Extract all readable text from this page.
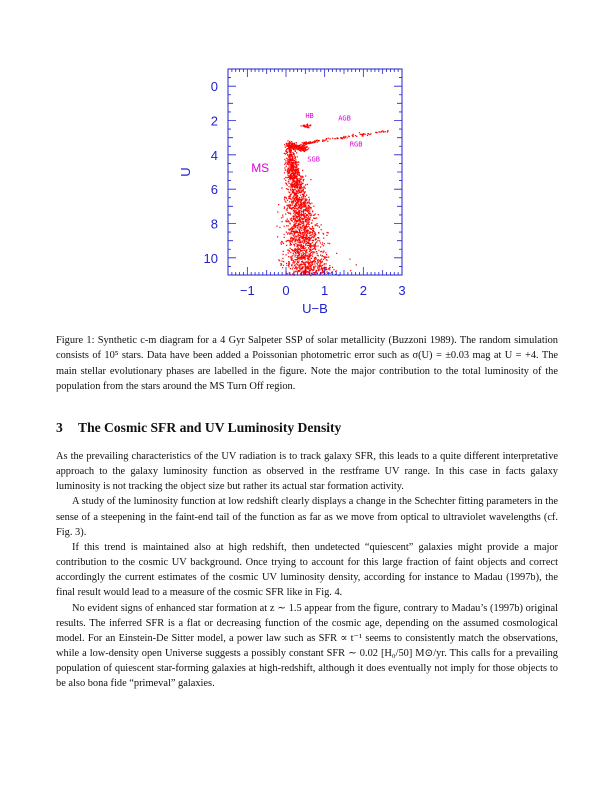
−1 0 1 2 3
0
2
4
6
8
10
U−B
U
HB	AGB
RGB
SGB
MS
Figure 1: Synthetic c-m diagram for a 4 Gyr Salpeter SSP of solar metallicity (Buzzoni 1989). The random simulation consists of 10⁵ stars. Data have been added a Poissonian photometric error such as σ(U) = ±0.03 mag at U = +4. The main stellar evolutionary phases are labelled in the figure. Note the major contribution to the total luminosity of the population from the stars around the MS Turn Off region.
3 The Cosmic SFR and UV Luminosity Density

As the prevailing characteristics of the UV radiation is to track galaxy SFR, this leads to a quite different interpretative approach to the galaxy luminosity function as observed in the restframe UV range. In this case in facts galaxy luminosity is not tracking the object size but rather its actual star formation activity.

A study of the luminosity function at low redshift clearly displays a change in the Schechter fitting parameters in the sense of a steepening in the faint-end tail of the function as far as we move from optical to ultraviolet wavelengths (cf. Fig. 3).

If this trend is maintained also at high redshift, then undetected “quiescent” galaxies might provide a major contribution to the cosmic UV background. Once trying to account for this large fraction of faint objects and correct accordingly the current estimates of the cosmic UV luminosity density, according for instance to Madau (1997b), the final result would lead to a measure of the cosmic SFR like in Fig. 4.

No evident signs of enhanced star formation at z ∼ 1.5 appear from the figure, contrary to Madau’s (1997b) original results. The inferred SFR is a flat or decreasing function of the cosmic age, depending on the assumed cosmological model. For an Einstein-De Sitter model, a power law such as SFR ∝ t⁻¹ seems to consistently match the observations, while a low-density open Universe suggests a possibly constant SFR ∼ 0.02 [H₀/50] M⊙/yr. This calls for a prevailing population of quiescent star-forming galaxies at high-redshift, although it does eventually not imply for those objects to be also bona fide “primeval” galaxies.
